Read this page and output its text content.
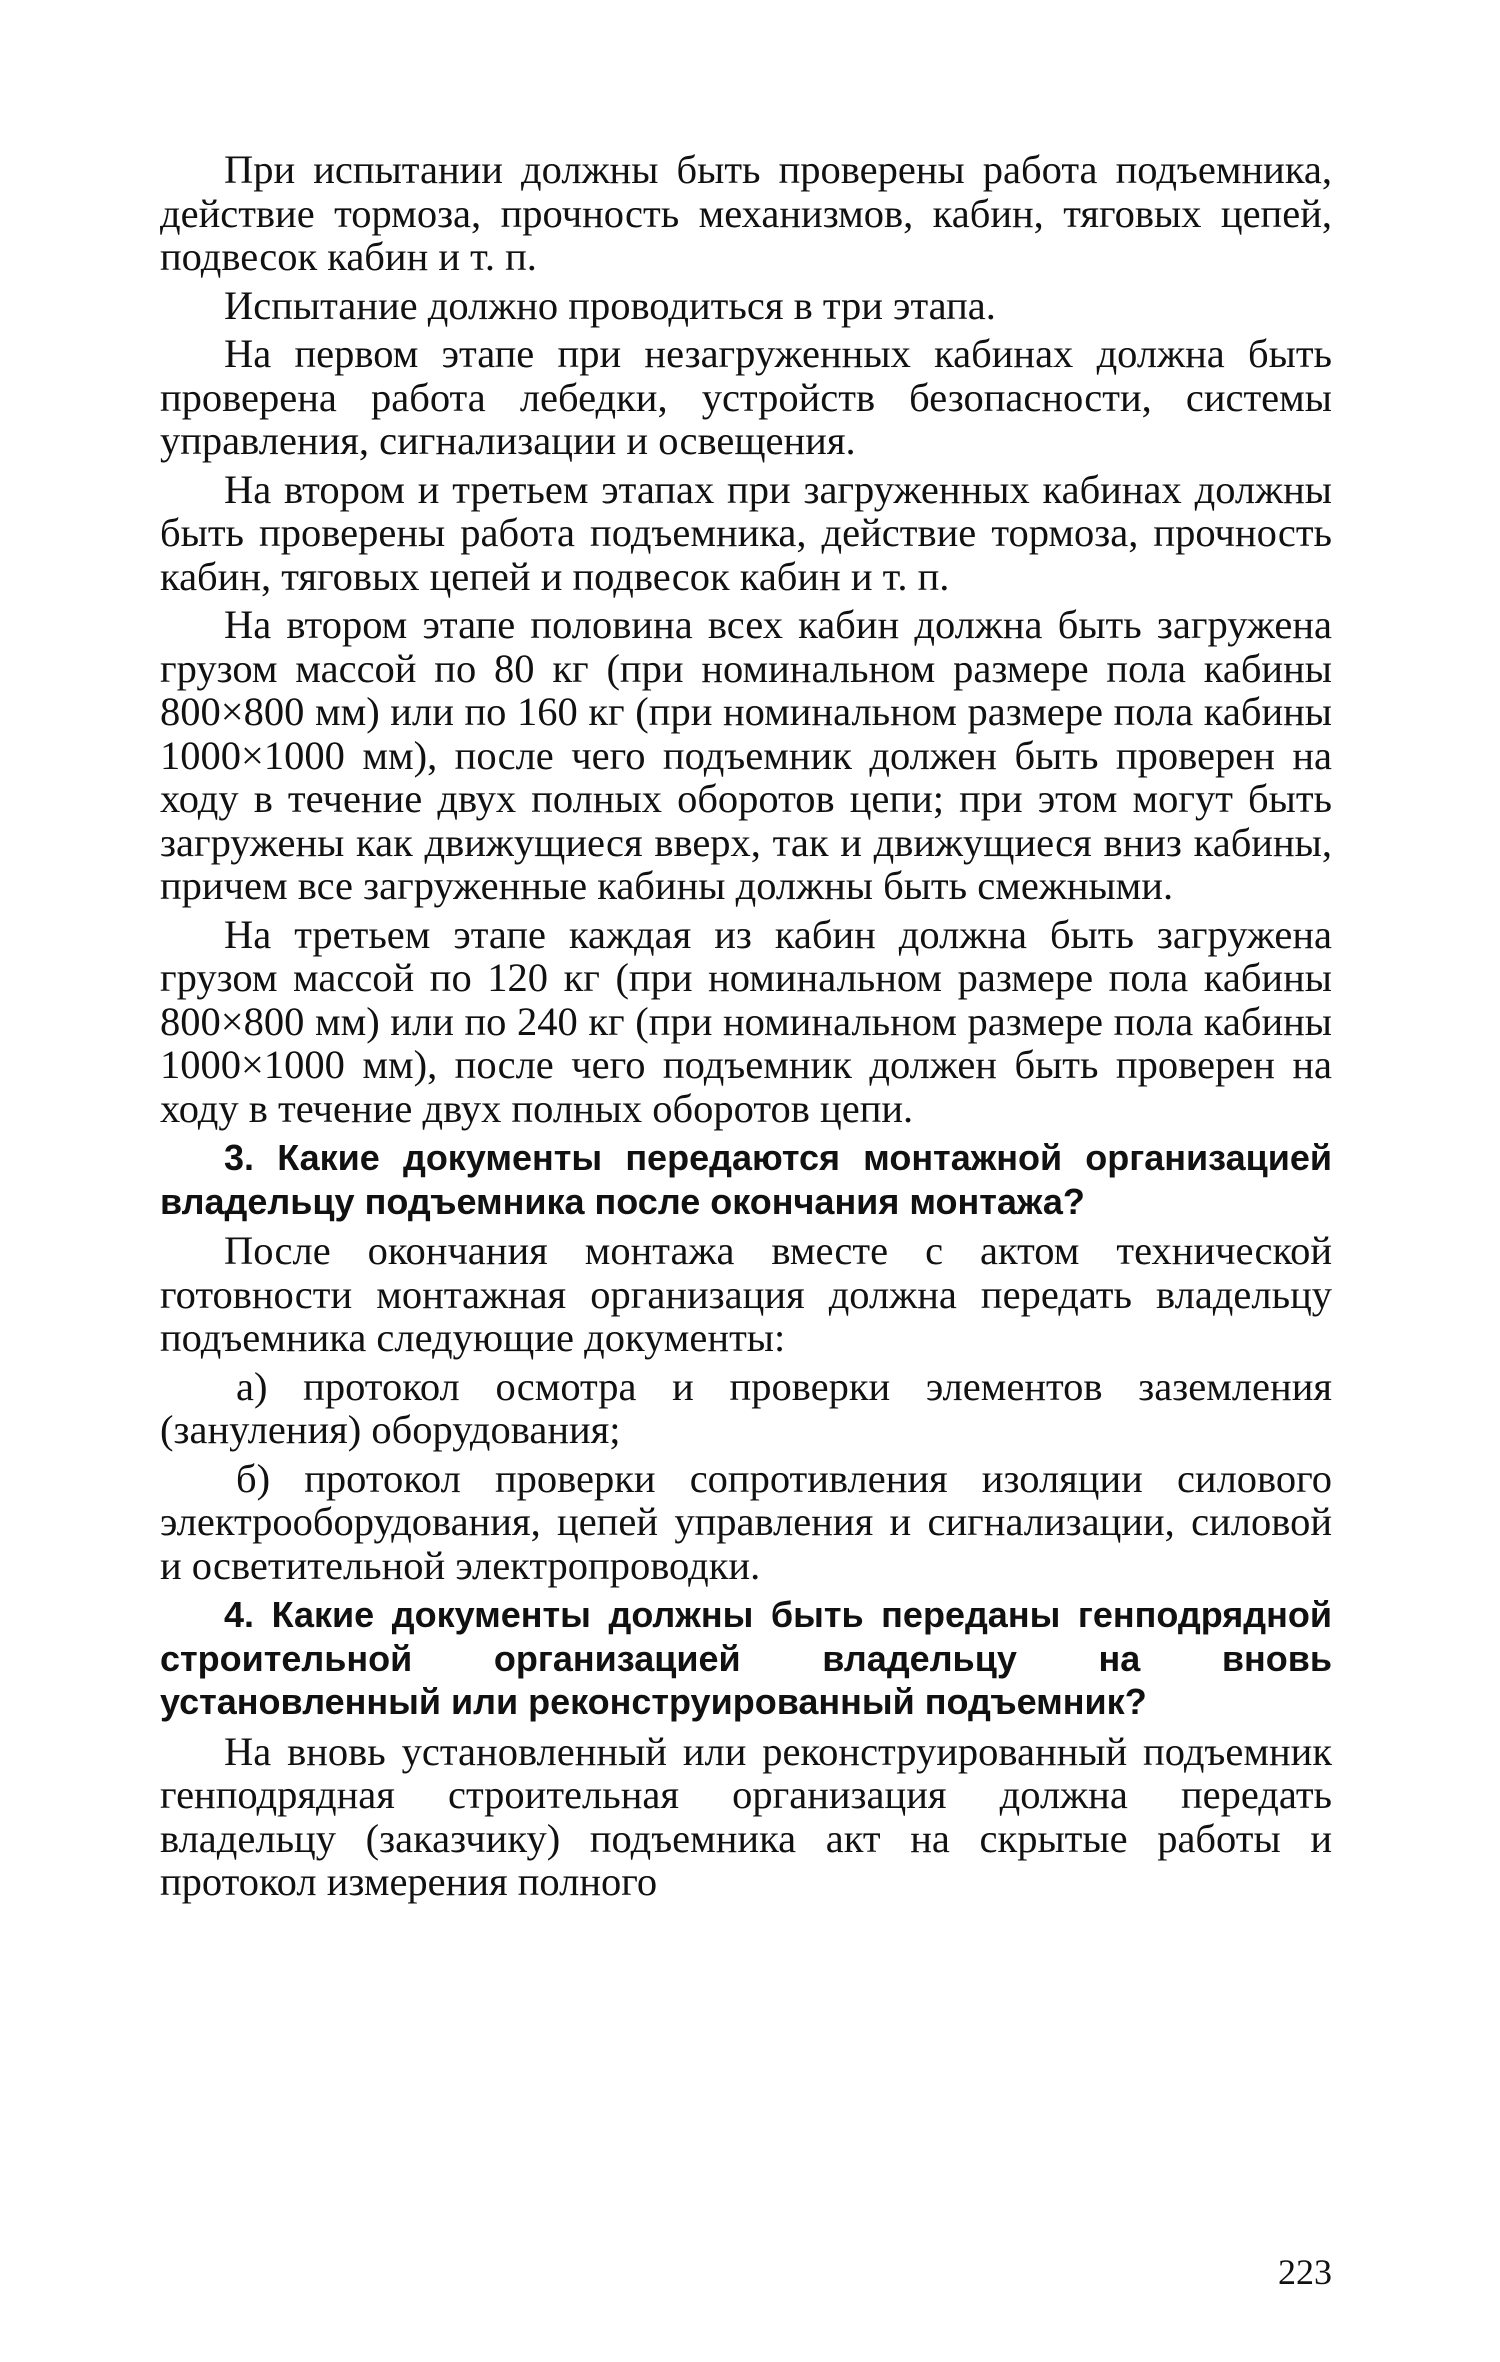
При испытании должны быть проверены работа подъемника, действие тормоза, прочность механизмов, кабин, тяговых цепей, подвесок кабин и т. п.

Испытание должно проводиться в три этапа.

На первом этапе при незагруженных кабинах должна быть проверена работа лебедки, устройств безопасности, системы управления, сигнализации и освещения.

На втором и третьем этапах при загруженных кабинах должны быть проверены работа подъемника, действие тормоза, прочность кабин, тяговых цепей и подвесок кабин и т. п.

На втором этапе половина всех кабин должна быть загружена грузом массой по 80 кг (при номинальном размере пола кабины 800×800 мм) или по 160 кг (при номинальном размере пола кабины 1000×1000 мм), после чего подъемник должен быть проверен на ходу в течение двух полных оборотов цепи; при этом могут быть загружены как движущиеся вверх, так и движущиеся вниз кабины, причем все загруженные кабины должны быть смежными.

На третьем этапе каждая из кабин должна быть загружена грузом массой по 120 кг (при номинальном размере пола кабины 800×800 мм) или по 240 кг (при номинальном размере пола кабины 1000×1000 мм), после чего подъемник должен быть проверен на ходу в течение двух полных оборотов цепи.

3. Какие документы передаются монтажной организацией владельцу подъемника после окончания монтажа?

После окончания монтажа вместе с актом технической готовности монтажная организация должна передать владельцу подъемника следующие документы:

а) протокол осмотра и проверки элементов заземления (зануления) оборудования;

б) протокол проверки сопротивления изоляции силового электрооборудования, цепей управления и сигнализации, силовой и осветительной электропроводки.

4. Какие документы должны быть переданы генподрядной строительной организацией владельцу на вновь установленный или реконструированный подъемник?

На вновь установленный или реконструированный подъемник генподрядная строительная организация должна передать владельцу (заказчику) подъемника акт на скрытые работы и протокол измерения полного

223
